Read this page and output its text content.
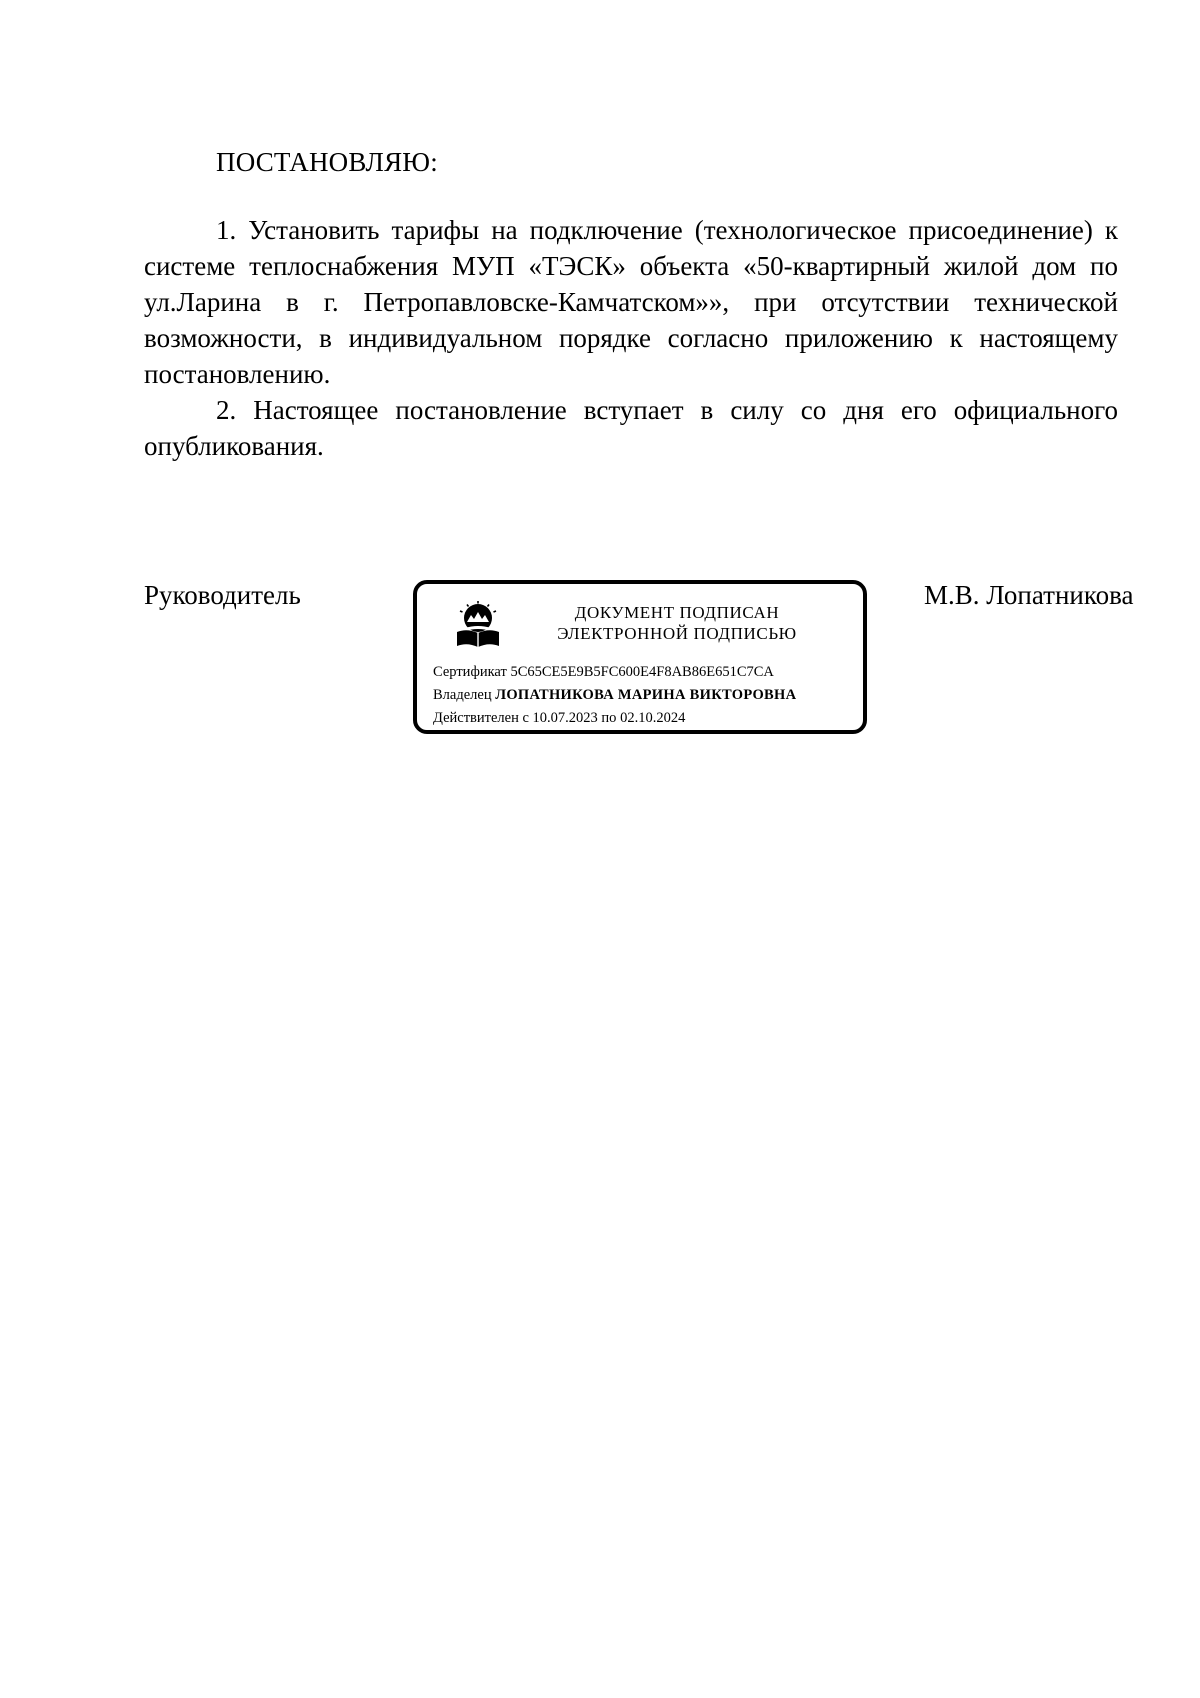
ПОСТАНОВЛЯЮ:

1. Установить тарифы на подключение (технологическое присоединение) к системе теплоснабжения МУП «ТЭСК» объекта «50-квартирный жилой дом по ул.Ларина в г. Петропавловске-Камчатском»», при отсутствии технической возможности, в индивидуальном порядке согласно приложению к настоящему постановлению.

2. Настоящее постановление вступает в силу со дня его официального опубликования.

Руководитель
ДОКУМЕНТ ПОДПИСАН
ЭЛЕКТРОННОЙ ПОДПИСЬЮ
Сертификат 5C65CE5E9B5FC600E4F8AB86E651C7CA
Владелец ЛОПАТНИКОВА МАРИНА ВИКТОРОВНА
Действителен с 10.07.2023 по 02.10.2024
М.В. Лопатникова
